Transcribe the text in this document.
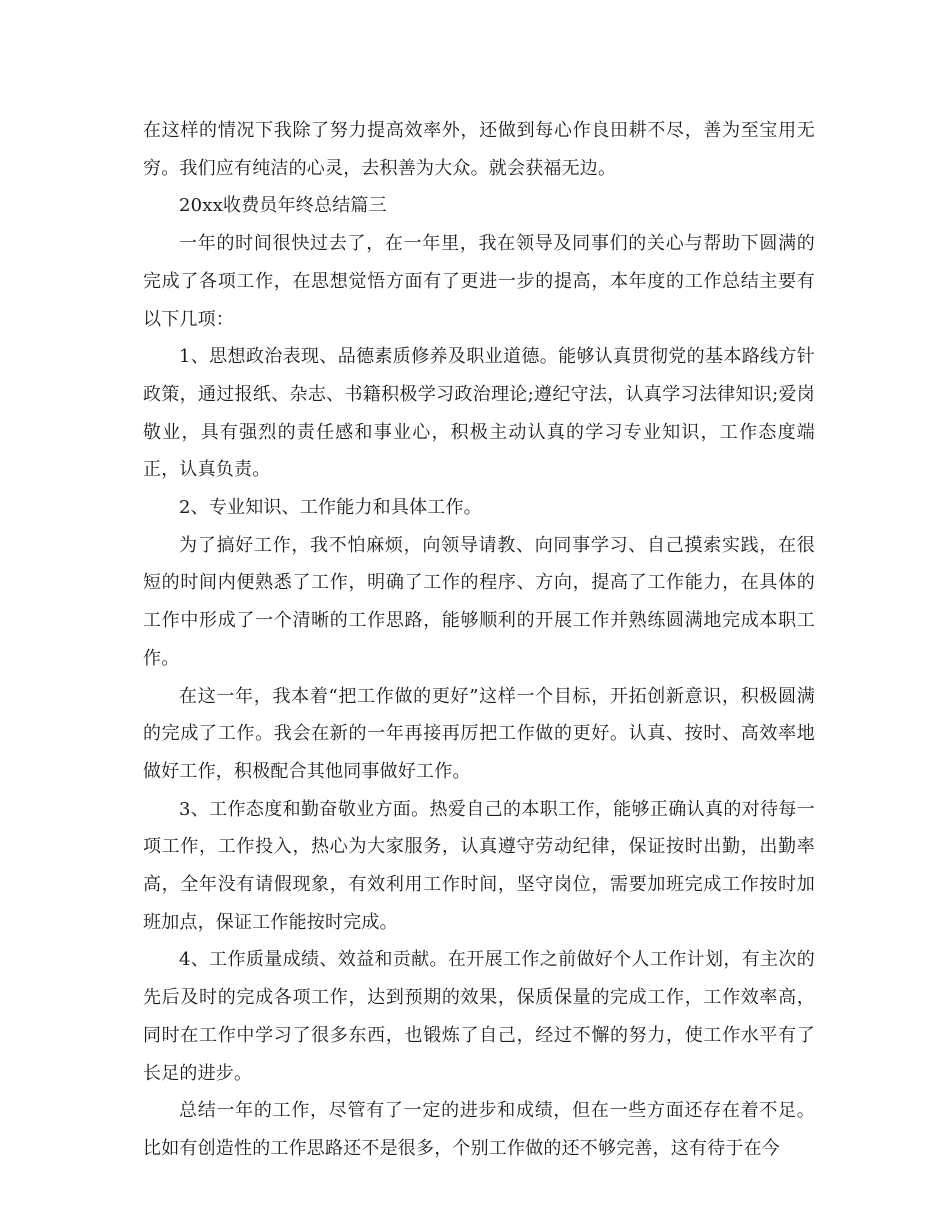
在这样的情况下我除了努力提高效率外，还做到每心作良田耕不尽，善为至宝用无穷。我们应有纯洁的心灵，去积善为大众。就会获福无边。

20xx收费员年终总结篇三

一年的时间很快过去了，在一年里，我在领导及同事们的关心与帮助下圆满的完成了各项工作，在思想觉悟方面有了更进一步的提高，本年度的工作总结主要有以下几项：

1、思想政治表现、品德素质修养及职业道德。能够认真贯彻党的基本路线方针政策，通过报纸、杂志、书籍积极学习政治理论;遵纪守法，认真学习法律知识;爱岗敬业，具有强烈的责任感和事业心，积极主动认真的学习专业知识，工作态度端正，认真负责。

2、专业知识、工作能力和具体工作。

为了搞好工作，我不怕麻烦，向领导请教、向同事学习、自己摸索实践，在很短的时间内便熟悉了工作，明确了工作的程序、方向，提高了工作能力，在具体的工作中形成了一个清晰的工作思路，能够顺利的开展工作并熟练圆满地完成本职工作。

在这一年，我本着“把工作做的更好”这样一个目标，开拓创新意识，积极圆满的完成了工作。我会在新的一年再接再厉把工作做的更好。认真、按时、高效率地做好工作，积极配合其他同事做好工作。

3、工作态度和勤奋敬业方面。热爱自己的本职工作，能够正确认真的对待每一项工作，工作投入，热心为大家服务，认真遵守劳动纪律，保证按时出勤，出勤率高，全年没有请假现象，有效利用工作时间，坚守岗位，需要加班完成工作按时加班加点，保证工作能按时完成。

4、工作质量成绩、效益和贡献。在开展工作之前做好个人工作计划，有主次的先后及时的完成各项工作，达到预期的效果，保质保量的完成工作，工作效率高，同时在工作中学习了很多东西，也锻炼了自己，经过不懈的努力，使工作水平有了长足的进步。

总结一年的工作，尽管有了一定的进步和成绩，但在一些方面还存在着不足。比如有创造性的工作思路还不是很多，个别工作做的还不够完善，这有待于在今
